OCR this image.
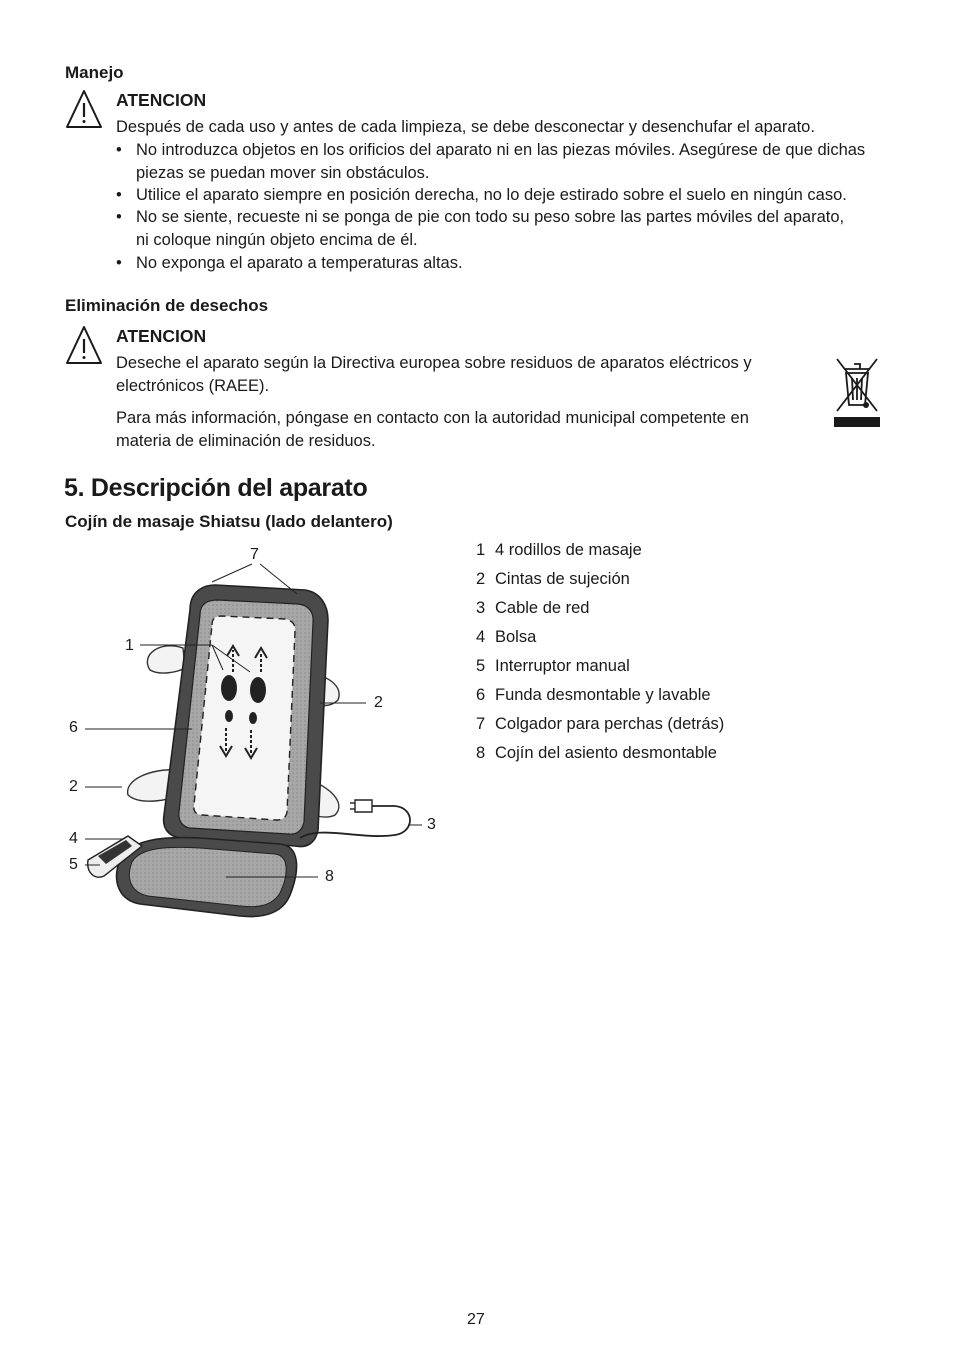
Manejo
ATENCION
Después de cada uso y antes de cada limpieza, se debe desconectar y desenchufar el aparato.
• No introduzca objetos en los orificios del aparato ni en las piezas móviles. Asegúrese de que dichas
piezas se puedan mover sin obstáculos.
• Utilice el aparato siempre en posición derecha, no lo deje estirado sobre el suelo en ningún caso.
• No se siente, recueste ni se ponga de pie con todo su peso sobre las partes móviles del aparato,
ni coloque ningún objeto encima de él.
• No exponga el aparato a temperaturas altas.
Eliminación de desechos
ATENCION
Deseche el aparato según la Directiva europea sobre residuos de aparatos eléctricos y
electrónicos (RAEE).
Para más información, póngase en contacto con la autoridad municipal competente en
materia de eliminación de residuos.
5. Descripción del aparato
Cojín de masaje Shiatsu (lado delantero)
7
1
2
6
2
3
4
5
8
1 4 rodillos de masaje
2 Cintas de sujeción
3 Cable de red
4 Bolsa
5 Interruptor manual
6 Funda desmontable y lavable
7 Colgador para perchas (detrás)
8 Cojín del asiento desmontable
27
